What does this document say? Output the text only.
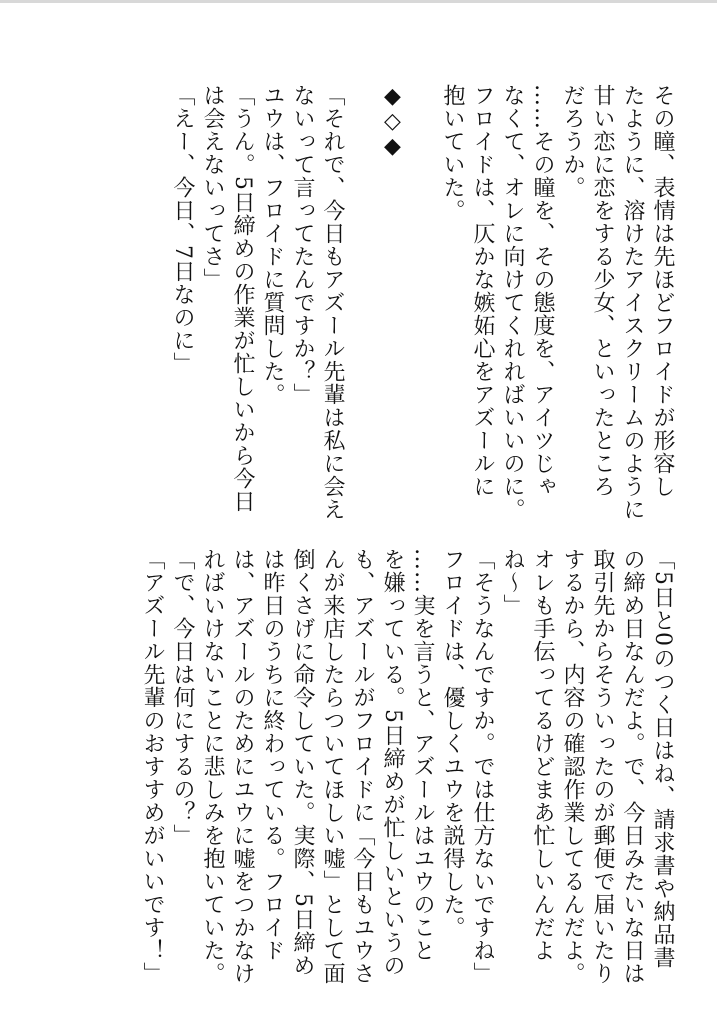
その瞳、表情は先ほどフロイドが形容し
たように、溶けたアイスクリームのように
甘い恋に恋をする少女、といったところ
だろうか。
……その瞳を、その態度を、アイツじゃ
なくて、オレに向けてくれればいいのに。
フロイドは、仄かな嫉妬心をアズールに
抱いていた。
◆◇◆
「それで、今日もアズール先輩は私に会え
ないって言ってたんですか？」
ユウは、フロイドに質問した。
「うん。5日締めの作業が忙しいから今日
は会えないってさ」
「えー、今日、7日なのに」
「5日と0のつく日はね、請求書や納品書
の締め日なんだよ。で、今日みたいな日は
取引先からそういったのが郵便で届いたり
するから、内容の確認作業してるんだよ。
オレも手伝ってるけどまあ忙しいんだよ
ね〜」
「そうなんですか。では仕方ないですね」
フロイドは、優しくユウを説得した。
……実を言うと、アズールはユウのこと
を嫌っている。5日締めが忙しいというの
も、アズールがフロイドに「今日もユウさ
んが来店したらついてほしい嘘」として面
倒くさげに命令していた。実際、5日締め
は昨日のうちに終わっている。フロイド
は、アズールのためにユウに嘘をつかなけ
ればいけないことに悲しみを抱いていた。
「で、今日は何にするの？」
「アズール先輩のおすすめがいいです！」
